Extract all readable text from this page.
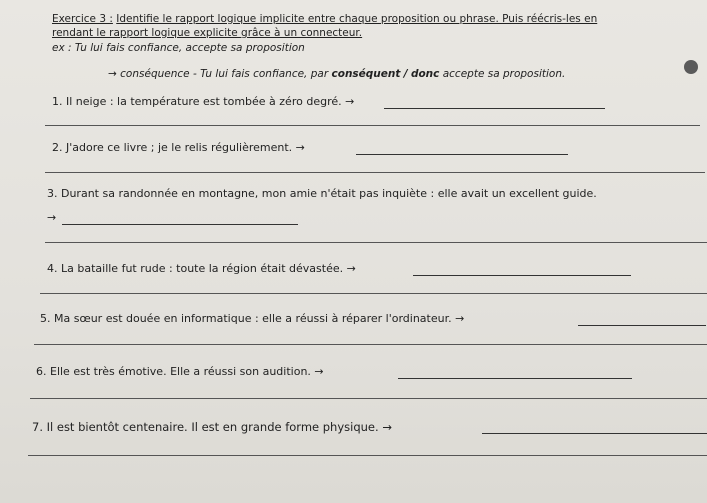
Exercice 3 : Identifie le rapport logique implicite entre chaque proposition ou phrase. Puis réécris-les en
rendant le rapport logique explicite grâce à un connecteur.
ex : Tu lui fais confiance, accepte sa proposition
→ conséquence - Tu lui fais confiance, par conséquent / donc accepte sa proposition.
1. Il neige : la température est tombée à zéro degré. →
2. J'adore ce livre ; je le relis régulièrement. →
3. Durant sa randonnée en montagne, mon amie n'était pas inquiète : elle avait un excellent guide.
→
4. La bataille fut rude : toute la région était dévastée. →
5. Ma sœur est douée en informatique : elle a réussi à réparer l'ordinateur. →
6. Elle est très émotive. Elle a réussi son audition. →
7. Il est bientôt centenaire. Il est en grande forme physique. →
